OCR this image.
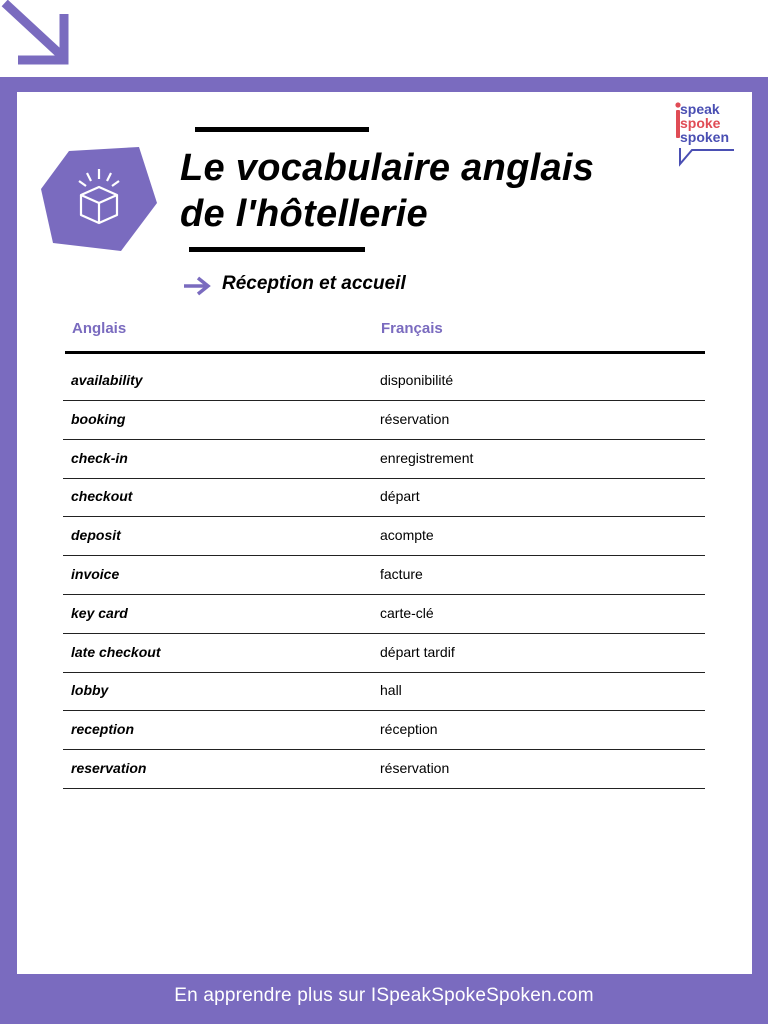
Le vocabulaire anglais
de l'hôtellerie

Réception et accueil

speak
spoke
spoken
Anglais	Français
availability	disponibilité
booking	réservation
check-in	enregistrement
checkout	départ
deposit	acompte
invoice	facture
key card	carte-clé
late checkout	départ tardif
lobby	hall
reception	réception
reservation	réservation

En apprendre plus sur ISpeakSpokeSpoken.com
